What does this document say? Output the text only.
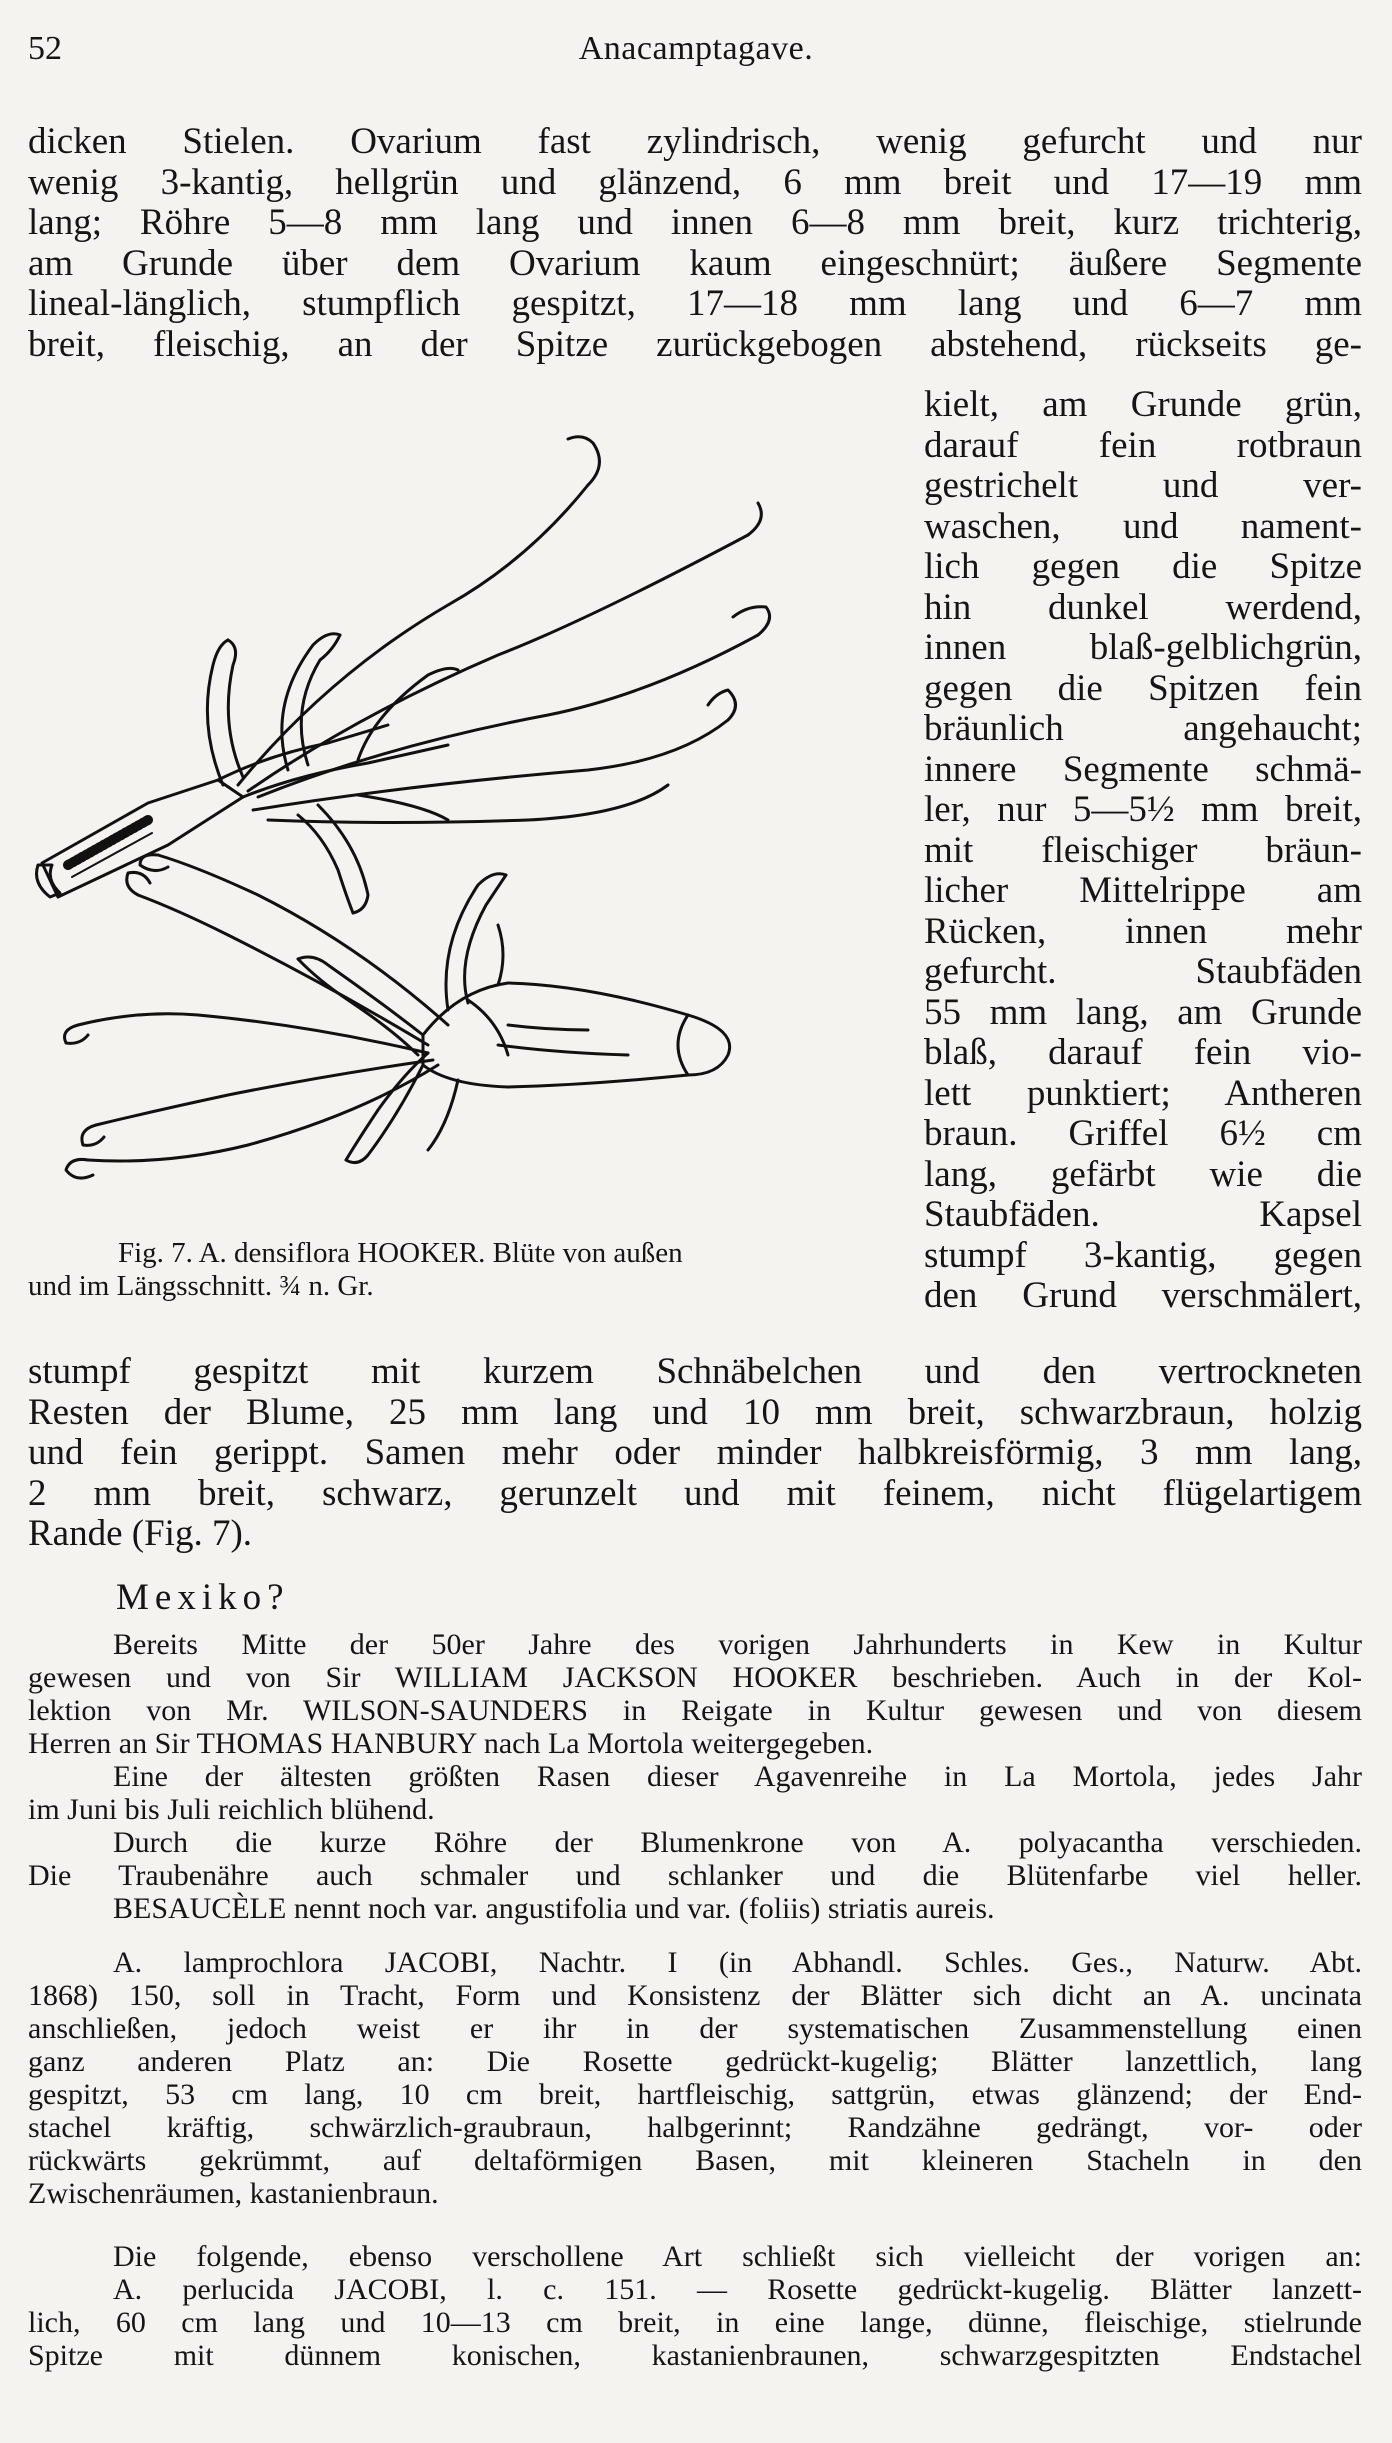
52	Anacamptagave.
dicken Stielen. Ovarium fast zylindrisch, wenig gefurcht und nur
wenig 3-kantig, hellgrün und glänzend, 6 mm breit und 17—19 mm
lang; Röhre 5—8 mm lang und innen 6—8 mm breit, kurz trichterig,
am Grunde über dem Ovarium kaum eingeschnürt; äußere Segmente
lineal-länglich, stumpflich gespitzt, 17—18 mm lang und 6—7 mm
breit, fleischig, an der Spitze zurückgebogen abstehend, rückseits ge-
kielt, am Grunde grün,
darauf fein rotbraun
gestrichelt und ver-
waschen, und nament-
lich gegen die Spitze
hin dunkel werdend,
innen blaß-gelblichgrün,
gegen die Spitzen fein
bräunlich angehaucht;
innere Segmente schmä-
ler, nur 5—5½ mm breit,
mit fleischiger bräun-
licher Mittelrippe am
Rücken, innen mehr
gefurcht. Staubfäden
55 mm lang, am Grunde
blaß, darauf fein vio-
lett punktiert; Antheren
braun. Griffel 6½ cm
lang, gefärbt wie die
Staubfäden. Kapsel
stumpf 3-kantig, gegen
den Grund verschmälert,
Fig. 7. A. densiflora HOOKER. Blüte von außen
und im Längsschnitt. ¾ n. Gr.
stumpf gespitzt mit kurzem Schnäbelchen und den vertrockneten
Resten der Blume, 25 mm lang und 10 mm breit, schwarzbraun, holzig
und fein gerippt. Samen mehr oder minder halbkreisförmig, 3 mm lang,
2 mm breit, schwarz, gerunzelt und mit feinem, nicht flügelartigem
Rande (Fig. 7).
Mexiko?
Bereits Mitte der 50er Jahre des vorigen Jahrhunderts in Kew in Kultur
gewesen und von Sir WILLIAM JACKSON HOOKER beschrieben. Auch in der Kol-
lektion von Mr. WILSON-SAUNDERS in Reigate in Kultur gewesen und von diesem
Herren an Sir THOMAS HANBURY nach La Mortola weitergegeben.
Eine der ältesten größten Rasen dieser Agavenreihe in La Mortola, jedes Jahr
im Juni bis Juli reichlich blühend.
Durch die kurze Röhre der Blumenkrone von A. polyacantha verschieden.
Die Traubenähre auch schmaler und schlanker und die Blütenfarbe viel heller.
BESAUCÈLE nennt noch var. angustifolia und var. (foliis) striatis aureis.
A. lamprochlora JACOBI, Nachtr. I (in Abhandl. Schles. Ges., Naturw. Abt.
1868) 150, soll in Tracht, Form und Konsistenz der Blätter sich dicht an A. uncinata
anschließen, jedoch weist er ihr in der systematischen Zusammenstellung einen
ganz anderen Platz an: Die Rosette gedrückt-kugelig; Blätter lanzettlich, lang
gespitzt, 53 cm lang, 10 cm breit, hartfleischig, sattgrün, etwas glänzend; der End-
stachel kräftig, schwärzlich-graubraun, halbgerinnt; Randzähne gedrängt, vor- oder
rückwärts gekrümmt, auf deltaförmigen Basen, mit kleineren Stacheln in den
Zwischenräumen, kastanienbraun.
Die folgende, ebenso verschollene Art schließt sich vielleicht der vorigen an:
A. perlucida JACOBI, l. c. 151. — Rosette gedrückt-kugelig. Blätter lanzett-
lich, 60 cm lang und 10—13 cm breit, in eine lange, dünne, fleischige, stielrunde
Spitze mit dünnem konischen, kastanienbraunen, schwarzgespitzten Endstachel
